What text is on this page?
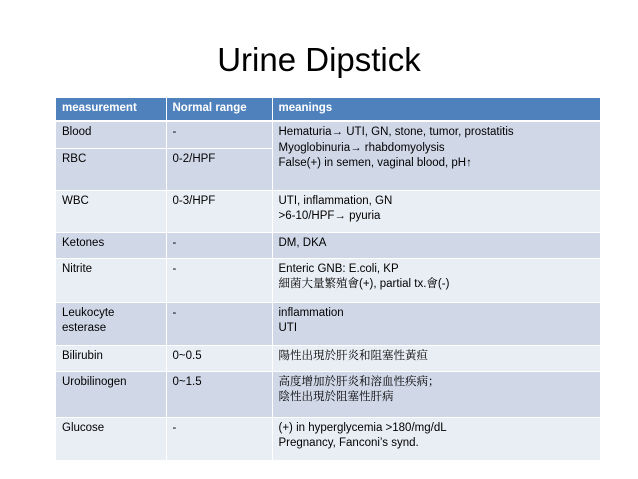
Urine Dipstick
measurement	Normal range	meanings

Blood	-	Hematuria→ UTI, GN, stone, tumor, prostatitis
Myoglobinuria→ rhabdomyolysis
False(+) in semen, vaginal blood, pH↑

RBC	0-2/HPF	

WBC	0-3/HPF	UTI, inflammation, GN
>6-10/HPF→ pyuria

Ketones	-	DM, DKA

Nitrite	-	Enteric GNB: E.coli, KP
細菌大量繁殖會(+), partial tx.會(-)

Leukocyte
esterase	-	inflammation
UTI

Bilirubin	0~0.5	陽性出現於肝炎和阻塞性黃疸

Urobilinogen	0~1.5	高度增加於肝炎和溶血性疾病；
陰性出現於阻塞性肝病

Glucose	-	(+) in hyperglycemia >180/mg/dL
Pregnancy, Fanconi’s synd.
